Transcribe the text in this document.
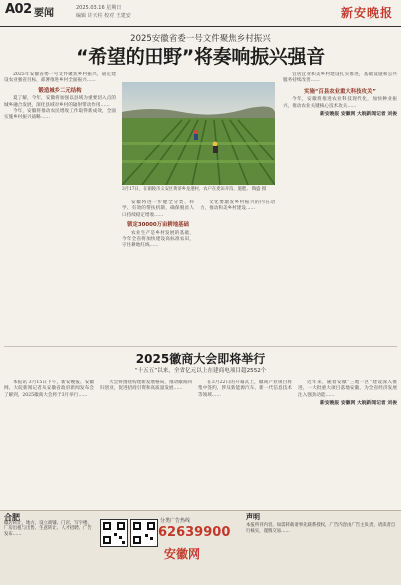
A02 要闻	2025.03.16 星期日
编辑 许天柱 校对 王建安	新安晚报
2025安徽省委一号文件聚焦乡村振兴
“希望的田野”将奏响振兴强音

2025年安徽省委一号文件聚焦乡村振兴，锚定建设农业强省目标，部署推进乡村全面振兴……

锻造城乡二元结构

夏了解，今年，安徽将加强以县域为重要切入点的城乡融合发展，深化县域对乡村的辐射带动作用……

今年，安徽将推动农民增收工作取得新成效，全面实施乡村振兴战略……

3月17日，在铜陵市义安区黄浒乡龙港村，农户在麦田开沟、施肥。 陶盛 摄

安徽将进一步健全分类、科学、有效的帮扶机制，确保脱贫人口持续稳定增收……

锁定30000万亩耕地基础

农业生产是乡村发展的基础，今年全省将加快建设高标准农田，守住耕地红线……

文化要激发乡村振兴的内在动力，推动和美乡村建设……

宜居宜业和美乡村建设扎实推进，基础设施和公共服务持续改善……

实施“百县农业重大科技攻关”

今年，安徽将推进农业科技现代化，加快种业振兴，推动农业关键核心技术攻关……

新安晚报 安徽网 大皖新闻记者 刘俊
2025徽商大会即将举行
“十五五”以来，全省亿元以上在建商电项目超2552个

本报讯 3月15日下午，新安晚报、安徽网、大皖新闻记者从安徽省政府新闻发布会了解到，2025徽商大会将于3月举行……

大会将围绕构建新发展格局，推动徽商回归创业，促进招商引资和高质量发展……

在3月22日的开幕式上，徽商产业项目将集中签约，涉及新能源汽车、新一代信息技术等领域……

近年来，随着安徽“三地一区”建设深入推进，一大批重大项目落地安徽，为全省经济发展注入强劲动能……

新安晚报 安徽网 大皖新闻记者 刘俊
合肥
徽店转让，地方，设立商铺、门店、写字楼、厂房出租与出售、生意转让、人才招聘、广告发布……
分类广告热线
62639900
安徽网
声明
本报所刊内容，如需转载请事先联系授权，广告内容由广告主负责，请读者自行核实，谨慎交易……
